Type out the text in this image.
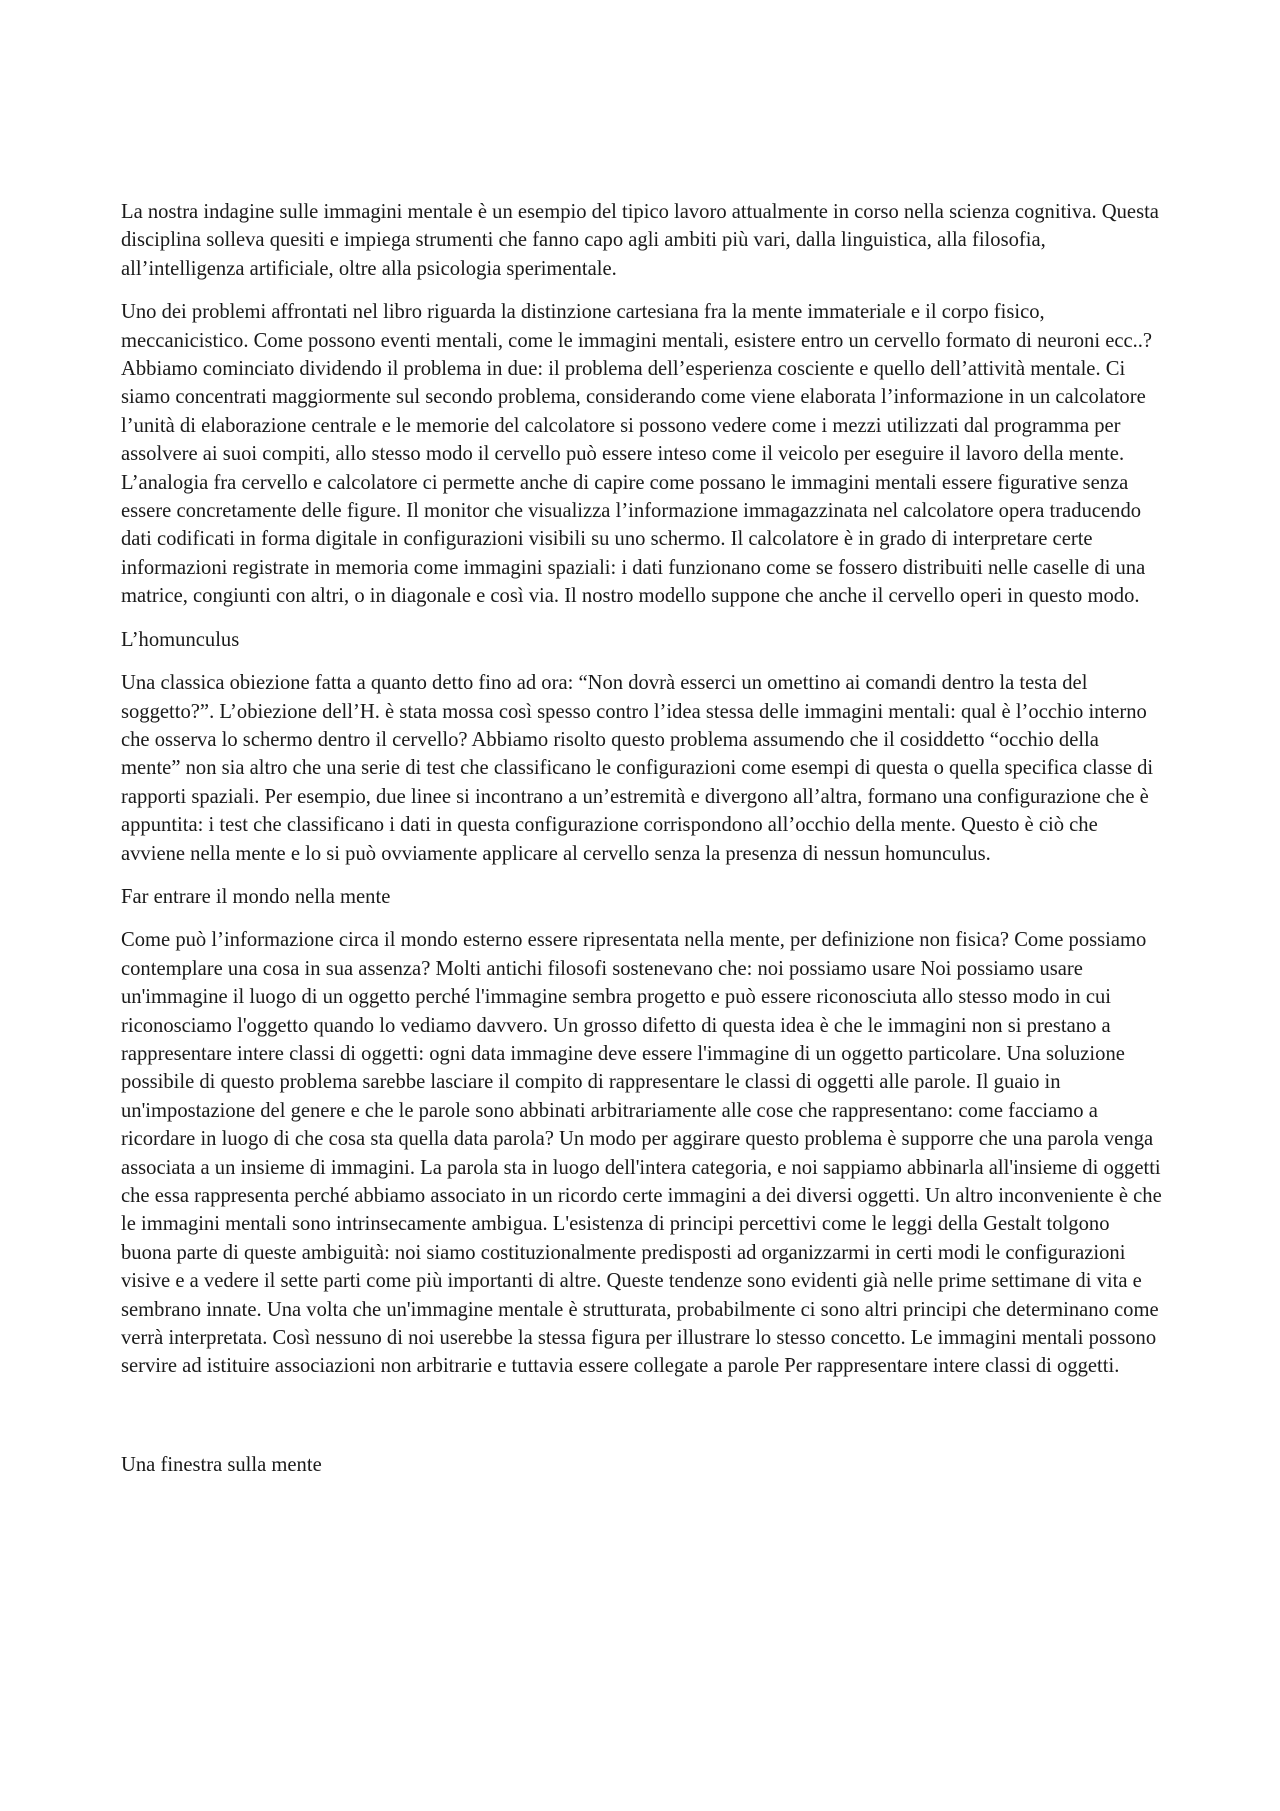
La nostra indagine sulle immagini mentale è un esempio del tipico lavoro attualmente in corso nella scienza cognitiva. Questa disciplina solleva quesiti e impiega strumenti che fanno capo agli ambiti più vari, dalla linguistica, alla filosofia, all’intelligenza artificiale, oltre alla psicologia sperimentale.

Uno dei problemi affrontati nel libro riguarda la distinzione cartesiana fra la mente immateriale e il corpo fisico, meccanicistico. Come possono eventi mentali, come le immagini mentali, esistere entro un cervello formato di neuroni ecc..? Abbiamo cominciato dividendo il problema in due: il problema dell’esperienza cosciente e quello dell’attività mentale. Ci siamo concentrati maggiormente sul secondo problema, considerando come viene elaborata l’informazione in un calcolatore l’unità di elaborazione centrale e le memorie del calcolatore si possono vedere come i mezzi utilizzati dal programma per assolvere ai suoi compiti, allo stesso modo il cervello può essere inteso come il veicolo per eseguire il lavoro della mente. L’analogia fra cervello e calcolatore ci permette anche di capire come possano le immagini mentali essere figurative senza essere concretamente delle figure. Il monitor che visualizza l’informazione immagazzinata nel calcolatore opera traducendo dati codificati in forma digitale in configurazioni visibili su uno schermo. Il calcolatore è in grado di interpretare certe informazioni registrate in memoria come immagini spaziali: i dati funzionano come se fossero distribuiti nelle caselle di una matrice, congiunti con altri, o in diagonale e così via. Il nostro modello suppone che anche il cervello operi in questo modo.

L’homunculus

Una classica obiezione fatta a quanto detto fino ad ora: “Non dovrà esserci un omettino ai comandi dentro la testa del soggetto?”. L’obiezione dell’H. è stata mossa così spesso contro l’idea stessa delle immagini mentali: qual è l’occhio interno che osserva lo schermo dentro il cervello? Abbiamo risolto questo problema assumendo che il cosiddetto “occhio della mente” non sia altro che una serie di test che classificano le configurazioni come esempi di questa o quella specifica classe di rapporti spaziali. Per esempio, due linee si incontrano a un’estremità e divergono all’altra, formano una configurazione che è appuntita: i test che classificano i dati in questa configurazione corrispondono all’occhio della mente. Questo è ciò che avviene nella mente e lo si può ovviamente applicare al cervello senza la presenza di nessun homunculus.

Far entrare il mondo nella mente

Come può l’informazione circa il mondo esterno essere ripresentata nella mente, per definizione non fisica? Come possiamo contemplare una cosa in sua assenza? Molti antichi filosofi sostenevano che: noi possiamo usare Noi possiamo usare un'immagine il luogo di un oggetto perché l'immagine sembra progetto e può essere riconosciuta allo stesso modo in cui riconosciamo l'oggetto quando lo vediamo davvero. Un grosso difetto di questa idea è che le immagini non si prestano a rappresentare intere classi di oggetti: ogni data immagine deve essere l'immagine di un oggetto particolare. Una soluzione possibile di questo problema sarebbe lasciare il compito di rappresentare le classi di oggetti alle parole. Il guaio in un'impostazione del genere e che le parole sono abbinati arbitrariamente alle cose che rappresentano: come facciamo a ricordare in luogo di che cosa sta quella data parola? Un modo per aggirare questo problema è supporre che una parola venga associata a un insieme di immagini. La parola sta in luogo dell'intera categoria, e noi sappiamo abbinarla all'insieme di oggetti che essa rappresenta perché abbiamo associato in un ricordo certe immagini a dei diversi oggetti. Un altro inconveniente è che le immagini mentali sono intrinsecamente ambigua. L'esistenza di principi percettivi come le leggi della Gestalt tolgono buona parte di queste ambiguità: noi siamo costituzionalmente predisposti ad organizzarmi in certi modi le configurazioni visive e a vedere il sette parti come più importanti di altre. Queste tendenze sono evidenti già nelle prime settimane di vita e sembrano innate. Una volta che un'immagine mentale è strutturata, probabilmente ci sono altri principi che determinano come verrà interpretata. Così nessuno di noi userebbe la stessa figura per illustrare lo stesso concetto. Le immagini mentali possono servire ad istituire associazioni non arbitrarie e tuttavia essere collegate a parole Per rappresentare intere classi di oggetti.

Una finestra sulla mente
